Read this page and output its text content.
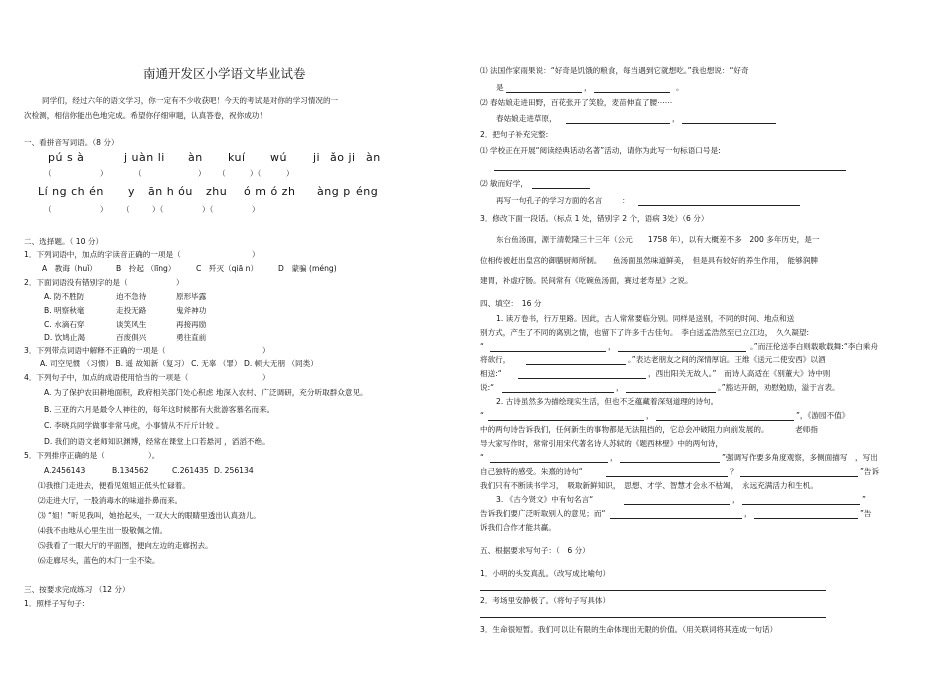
南通开发区小学语文毕业试卷
同学们，经过六年的语文学习，你一定有不少收获吧！今天的考试是对你的学习情况的一
次检测，相信你能出色地完成。希望你仔细审题，认真答卷，祝你成功！
一、看拼音写词语。（8 分）
pú s à	j uàn li àn kuí wú ji ǎo ji àn
（	）	（	） （	）（	）
Lí ng ch én y ān h óu zhu ó m ó zh àng p éng
（	） （	）（	）（	）
二、选择题。（ 10 分）
1．下列词语中，加点的字读音正确的一项是（	）
A　教诲（huǐ）	B　拎起 （līng）	C　歼灭（qiā n）	D　蒙骗 (méng)
2．下面词语没有错别字的是（	）
A. 防不胜防	迫不急待	原形毕露
B. 明察秋毫	走投无路	鬼斧神功
C. 水滴石穿	谈笑风生	再接再励
D. 饮鸠止渴	百废俱兴	勇往直前
3．下列带点词语中解释不正确的一项是（	）
A. 司空见惯 （习惯） B. 遥 故知新（复习） C. 无辜 （罪） D. 顿大无朋 （同类）
4．下列句子中，加点的成语使用恰当的一项是（	）
A. 为了保护农田耕地面积，政府相关部门处心积虑 地深入农村、广泛调研，充分听取群众意见。
B. 三亚的六月是最令人神往的，每年这时候都有大批游客慕名而来。
C. 李晓兵同学做事非常马虎，小事情从不斤斤计较 。
D. 我们的语文老师知识渊博，经常在课堂上口若悬河 ，滔滔不绝。
5．下列排序正确的是（	）。
A.2456143	B.134562	C.261435 D. 256134
⑴我推门走进去，便看见姐姐正低头忙碌着。
⑵走进大厅，一股消毒水的味道扑鼻而来。
⑶ “姐！”听见我叫，她抬起头，一双大大的眼睛里透出认真劲儿。
⑷我不由地从心里生出一股敬佩之情。
⑸我看了一眼大厅的平面图，便向左边的走廊拐去。
⑹走廊尽头，蓝色的木门一尘不染。
三、按要求完成练习 （12 分）
1．照样子写句子:
⑴ 法国作家雨果说：“好奇是饥饿的粮食，每当遇到它就想吃。”我也想说：“好奇
是	，	。
⑵ 春姑娘走进田野，百花张开了笑脸，麦苗伸直了腰⋯⋯
春姑娘走进草原，	，
2．把句子补充完整:
⑴ 学校正在开展“阅读经典话动名著”活动，请你为此写一句标语口号是:
⑵ 敏而好学，
再写一句孔子的学习方面的名言	：
3．修改下面一段话。（标点 1 处，错别字 2 个，语病 3处）（6 分）
东台鱼汤面，源于清乾隆三十三年（公元　　1758 年），以有大概差不多　200 多年历史，是一
位相传被赶出皇宫的御膳厨师所制。　　鱼汤面虽然味道鲜美，　但是具有较好的养生作用，　能够润脾
建胃，补虚疗肠。民间常有《吃碗鱼汤面，赛过老寿星》之说。
四、填空：　16 分
1. 读万卷书，行万里路。因此，古人常常要临分别。同样是送别，不同的时间、地点和送
别方式，产生了不同的离别之情，也留下了许多千古佳句。　李白送孟浩然至已立江边，　久久凝望:
“	，	。”而汪伦送李白则载歌载舞:“李白乘舟
将欲行，	。”表达老朋友之间的深情厚谊。王维《送元二使安西》以酒
相送:“	，西出阳关无故人。”　而诗人高适在《别董大》诗中则
说:“	，	。”豁达开朗，劝慰勉励，溢于言表。
2. 古诗虽然多为描绘现实生活，但也不乏蕴藏着深刻道理的诗句。
“	，	”，《游园不值》
中的两句诗告诉我们，任何新生的事物都是无法阻挡的，它总会冲破阻力向前发展的。　　　　老师指
导大家写作时，常常引用宋代著名诗人苏轼的《题西林壁》中的两句诗，
“	，	”强调写作要多角度观察，多侧面描写　，写出
自己独特的感受。朱熹的诗句“	？	”告诉
我们只有不断读书学习，　吸取新鲜知识，　思想、才学、智慧才会永不枯竭，　永远充满活力和生机。
3. 《古今贤文》中有句名言“	，	”
告诉我们要广泛听取别人的意见；而“	，	”告
诉我们合作才能共赢。
五、根据要求写句子：（　6 分）
1．小明的头发真乱。（改写成比喻句）
2．考场里安静极了。（将句子写具体）
3．生命很短暂。我们可以让有限的生命体现出无限的价值。（用关联词将其连成一句话）
